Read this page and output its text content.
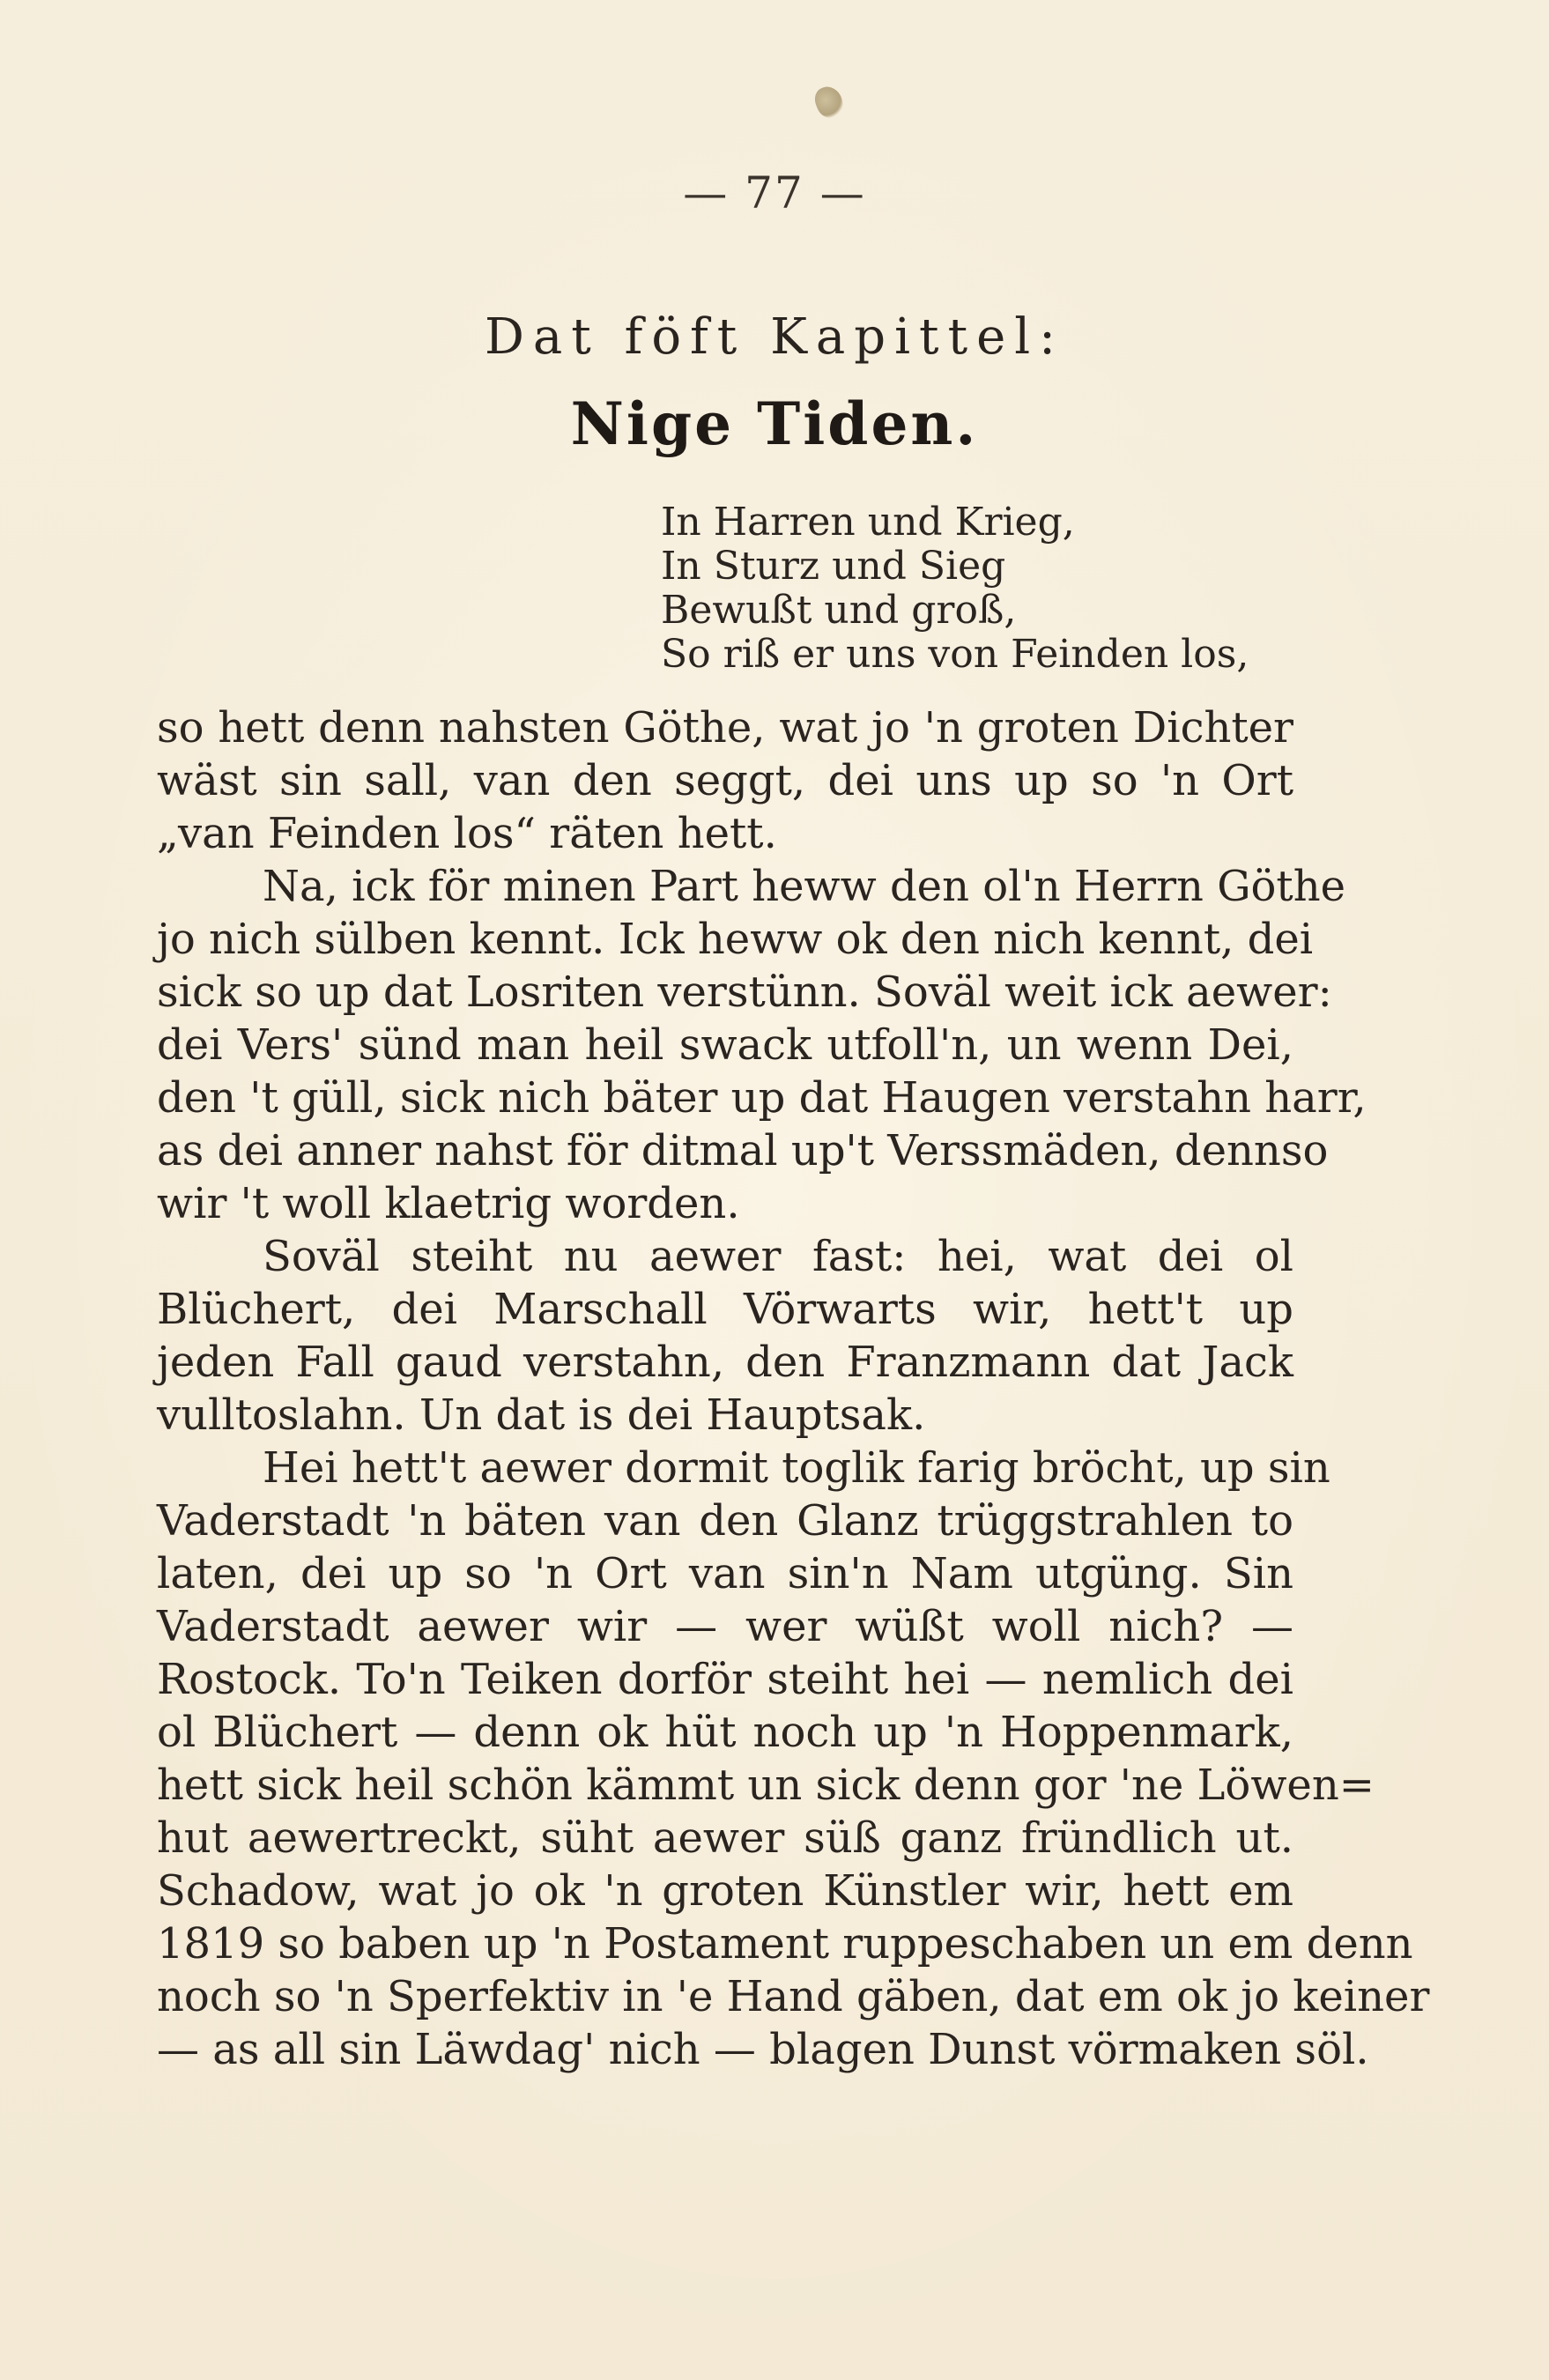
— 77 —
Dat föft Kapittel:
Nige Tiden.
In Harren und Krieg,
In Sturz und Sieg
Bewußt und groß,
So riß er uns von Feinden los,
so hett denn nahsten Göthe, wat jo 'n groten Dichter
wäst sin sall, van den seggt, dei uns up so 'n Ort
„van Feinden los“ räten hett.
Na, ick för minen Part heww den ol'n Herrn Göthe
jo nich sülben kennt. Ick heww ok den nich kennt, dei
sick so up dat Losriten verstünn. Soväl weit ick aewer:
dei Vers' sünd man heil swack utfoll'n, un wenn Dei,
den 't güll, sick nich bäter up dat Haugen verstahn harr,
as dei anner nahst för ditmal up't Verssmäden, dennso
wir 't woll klaetrig worden.
Soväl steiht nu aewer fast: hei, wat dei ol
Blüchert, dei Marschall Vörwarts wir, hett't up
jeden Fall gaud verstahn, den Franzmann dat Jack
vulltoslahn. Un dat is dei Hauptsak.
Hei hett't aewer dormit toglik farig bröcht, up sin
Vaderstadt 'n bäten van den Glanz trüggstrahlen to
laten, dei up so 'n Ort van sin'n Nam utgüng. Sin
Vaderstadt aewer wir — wer wüßt woll nich? —
Rostock. To'n Teiken dorför steiht hei — nemlich dei
ol Blüchert — denn ok hüt noch up 'n Hoppenmark,
hett sick heil schön kämmt un sick denn gor 'ne Löwen=
hut aewertreckt, süht aewer süß ganz fründlich ut.
Schadow, wat jo ok 'n groten Künstler wir, hett em
1819 so baben up 'n Postament ruppeschaben un em denn
noch so 'n Sperfektiv in 'e Hand gäben, dat em ok jo keiner
— as all sin Läwdag' nich — blagen Dunst vörmaken söl.
